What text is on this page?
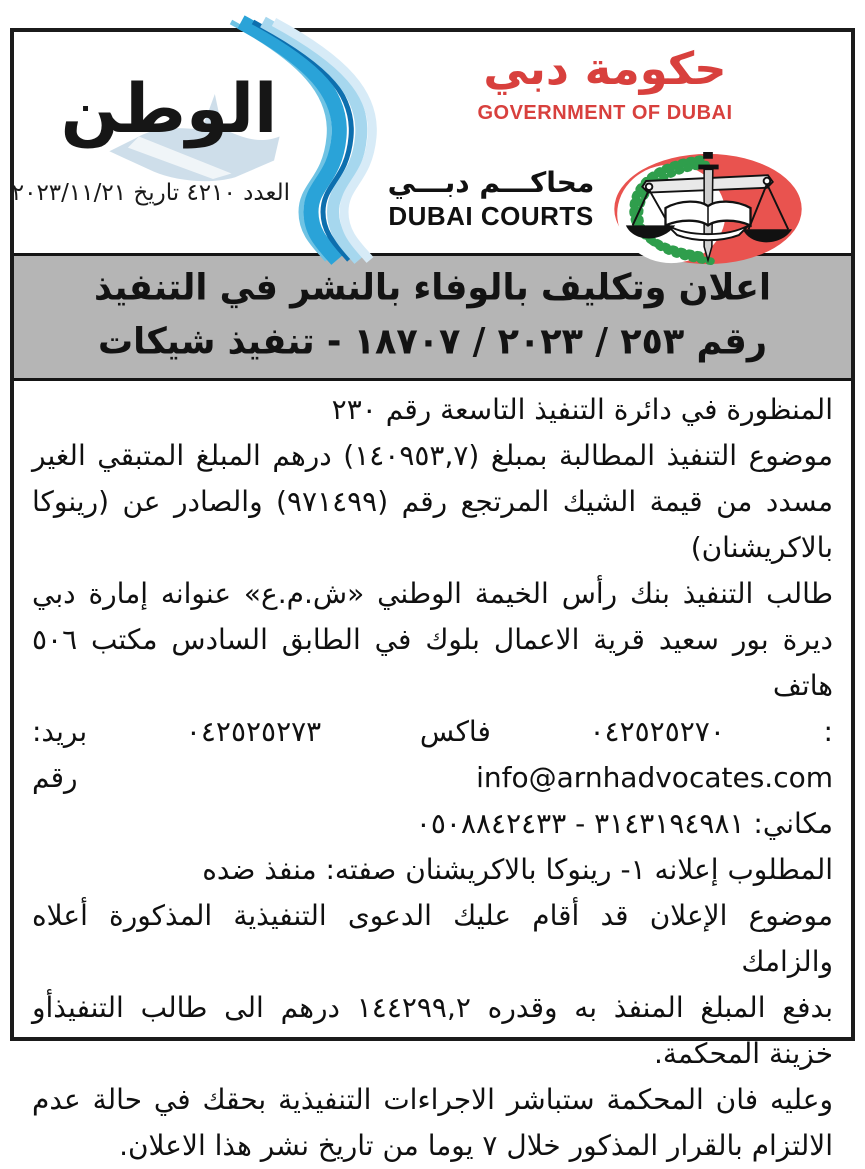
الوطن
العدد ٤٢١٠ تاريخ ٢٠٢٣/١١/٢١
حكومة دبي
GOVERNMENT OF DUBAI
محاكـــم دبـــي
DUBAI COURTS
اعلان وتكليف بالوفاء بالنشر في التنفيذ
رقم ٢٥٣ / ٢٠٢٣ / ١٨٧٠٧ - تنفيذ شيكات
المنظورة في دائرة التنفيذ التاسعة رقم ٢٣٠
موضوع التنفيذ المطالبة بمبلغ (١٤٠٩٥٣,٧) درهم المبلغ المتبقي الغير
مسدد من قيمة الشيك المرتجع رقم (٩٧١٤٩٩) والصادر عن (رينوكا
بالاكريشنان)
طالب التنفيذ بنك رأس الخيمة الوطني «ش.م.ع» عنوانه إمارة دبي
ديرة بور سعيد قرية الاعمال بلوك في الطابق السادس مكتب ٥٠٦ هاتف
: ٠٤٢٥٢٥٢٧٠ فاكس ٠٤٢٥٢٥٢٧٣ بريد: info@arnhadvocates.com رقم
مكاني: ٣١٤٣١٩٤٩٨١ - ٠٥٠٨٨٤٢٤٣٣
المطلوب إعلانه ١- رينوكا بالاكريشنان صفته: منفذ ضده
موضوع الإعلان قد أقام عليك الدعوى التنفيذية المذكورة أعلاه والزامك
بدفع المبلغ المنفذ به وقدره ١٤٤٢٩٩,٢ درهم الى طالب التنفيذأو
خزينة المحكمة.
وعليه فان المحكمة ستباشر الاجراءات التنفيذية بحقك في حالة عدم
الالتزام بالقرار المذكور خلال ٧ يوما من تاريخ نشر هذا الاعلان.
